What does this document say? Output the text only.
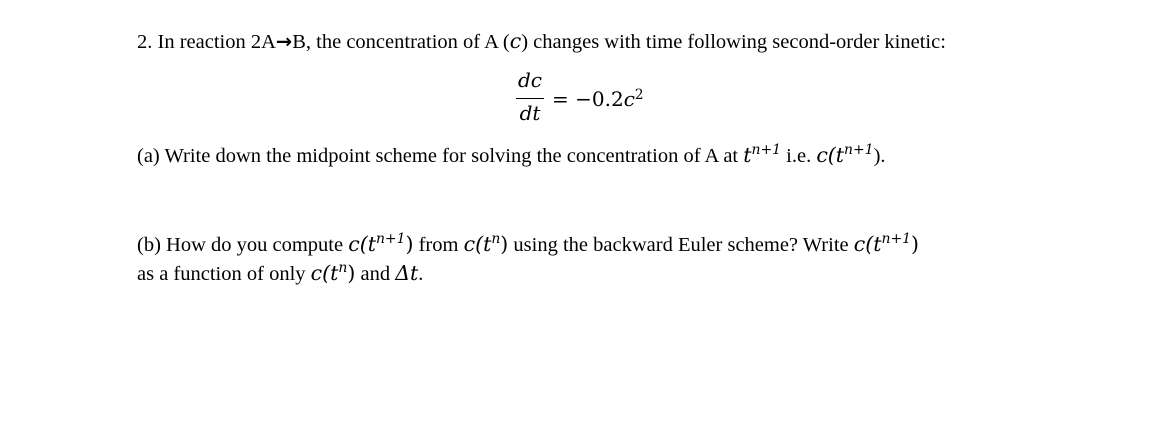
2. In reaction 2A→B, the concentration of A (c) changes with time following second-order kinetic:
dc
dt
= $-0.2c^2$
(a) Write down the midpoint scheme for solving the concentration of A at $t^{n+1}$ i.e. $c(t^{n+1})$.
(b) How do you compute $c(t^{n+1})$ from $c(t^n)$ using the backward Euler scheme? Write $c(t^{n+1})$
as a function of only $c(t^n)$ and Δt.
